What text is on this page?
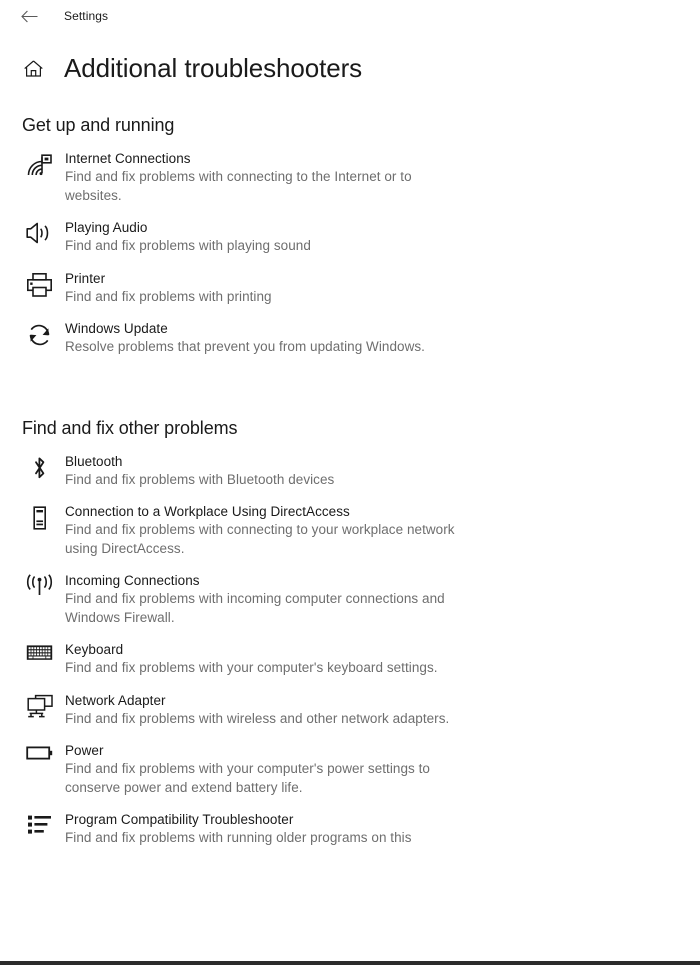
Settings
Additional troubleshooters
Get up and running
Internet Connections
Find and fix problems with connecting to the Internet or to websites.
Playing Audio
Find and fix problems with playing sound
Printer
Find and fix problems with printing
Windows Update
Resolve problems that prevent you from updating Windows.
Find and fix other problems
Bluetooth
Find and fix problems with Bluetooth devices
Connection to a Workplace Using DirectAccess
Find and fix problems with connecting to your workplace network using DirectAccess.
Incoming Connections
Find and fix problems with incoming computer connections and Windows Firewall.
Keyboard
Find and fix problems with your computer's keyboard settings.
Network Adapter
Find and fix problems with wireless and other network adapters.
Power
Find and fix problems with your computer's power settings to conserve power and extend battery life.
Program Compatibility Troubleshooter
Find and fix problems with running older programs on this
